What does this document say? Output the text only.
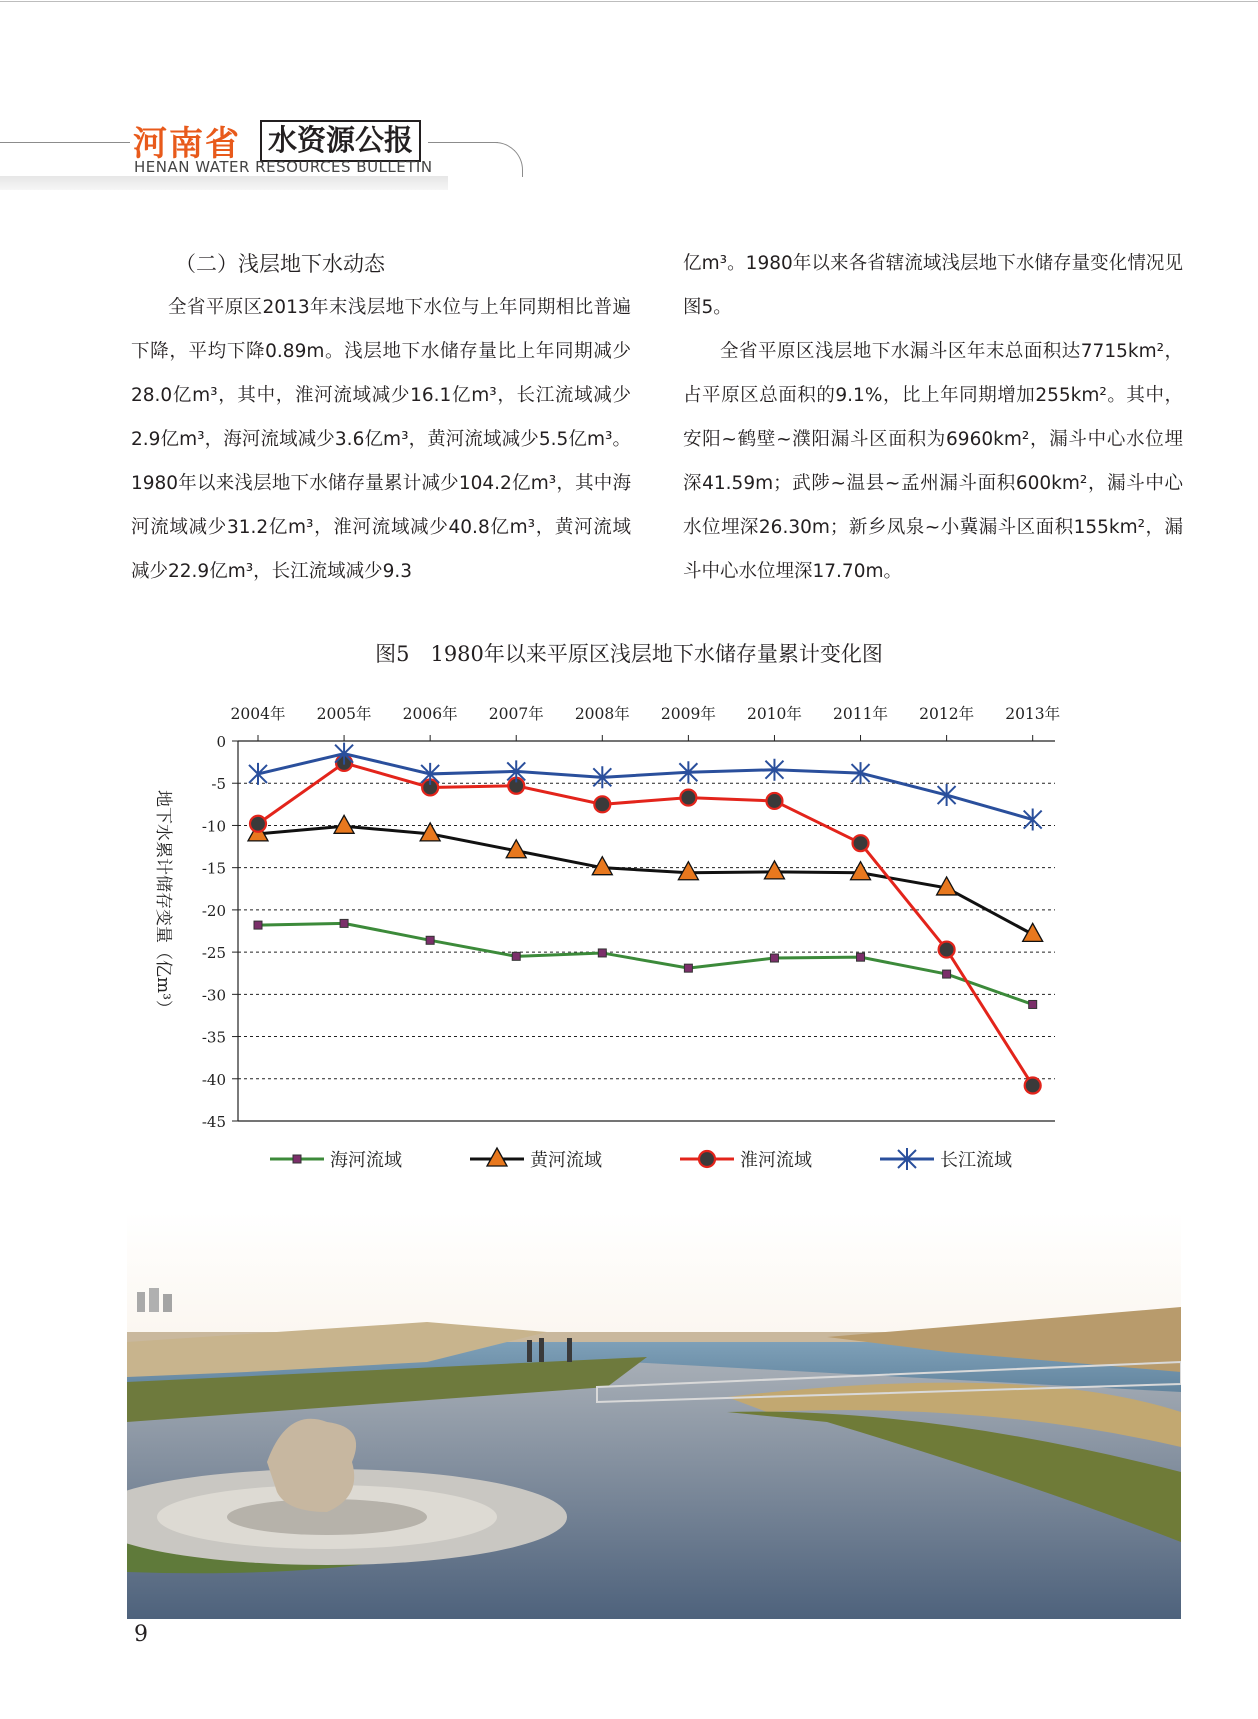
河南省 水资源公报
HENAN WATER RESOURCES BULLETIN

（二）浅层地下水动态

全省平原区2013年末浅层地下水位与上年同期相比普遍下降，平均下降0.89m。浅层地下水储存量比上年同期减少28.0亿m³，其中，淮河流域减少16.1亿m³，长江流域减少2.9亿m³，海河流域减少3.6亿m³，黄河流域减少5.5亿m³。1980年以来浅层地下水储存量累计减少104.2亿m³，其中海河流域减少31.2亿m³，淮河流域减少40.8亿m³，黄河流域减少22.9亿m³，长江流域减少9.3

亿m³。1980年以来各省辖流域浅层地下水储存量变化情况见图5。

全省平原区浅层地下水漏斗区年末总面积达7715km²，占平原区总面积的9.1%，比上年同期增加255km²。其中，安阳~鹤壁~濮阳漏斗区面积为6960km²，漏斗中心水位埋深41.59m；武陟~温县~孟州漏斗面积600km²，漏斗中心水位埋深26.30m；新乡凤泉~小冀漏斗区面积155km²，漏斗中心水位埋深17.70m。

图5　1980年以来平原区浅层地下水储存量累计变化图
0
-5
-10
-15
-20
-25
-30
-35
-40
-45
2004年 2005年 2006年 2007年 2008年 2009年 2010年 2011年 2012年 2013年
地下水累计储存变量（亿m³）
海河流域	黄河流域	淮河流域	长江流域
9
